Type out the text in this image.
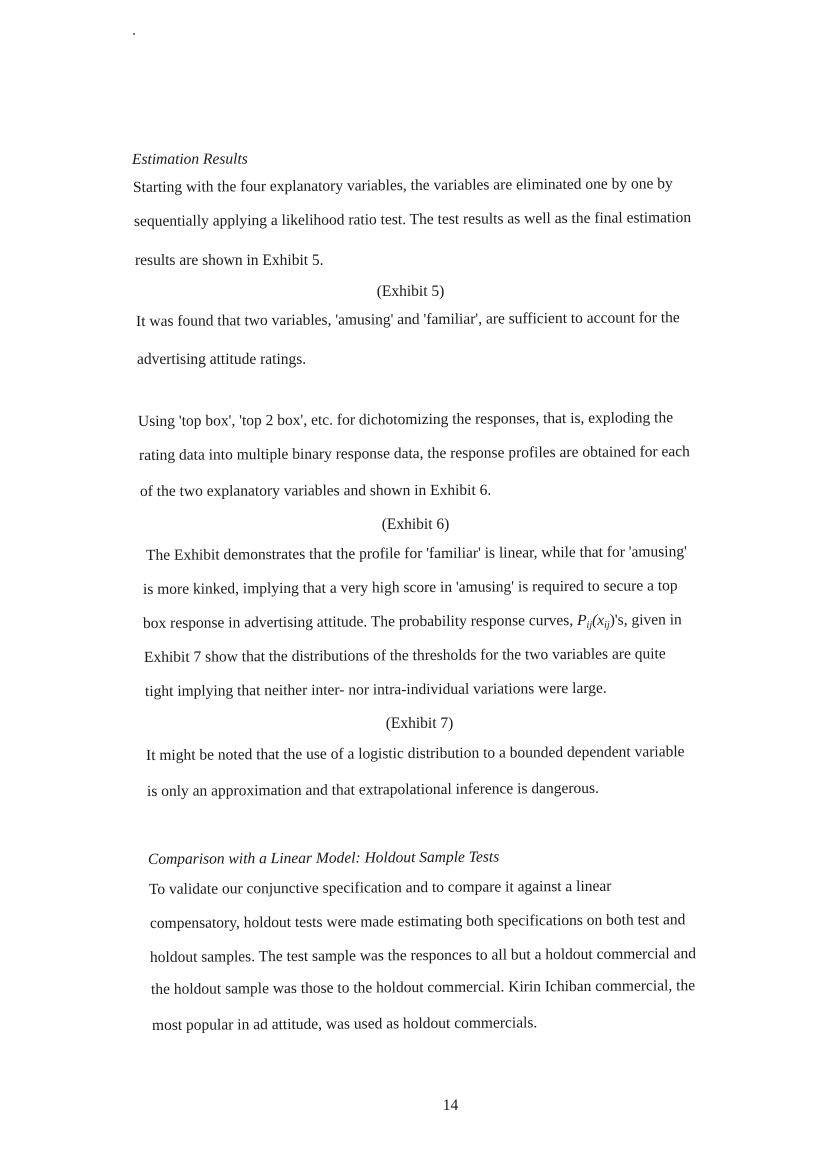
Estimation Results
Starting with the four explanatory variables, the variables are eliminated one by one by
sequentially applying a likelihood ratio test. The test results as well as the final estimation
results are shown in Exhibit 5.
(Exhibit 5)
It was found that two variables, 'amusing' and 'familiar', are sufficient to account for the
advertising attitude ratings.
Using 'top box', 'top 2 box', etc. for dichotomizing the responses, that is, exploding the
rating data into multiple binary response data, the response profiles are obtained for each
of the two explanatory variables and shown in Exhibit 6.
(Exhibit 6)
The Exhibit demonstrates that the profile for 'familiar' is linear, while that for 'amusing'
is more kinked, implying that a very high score in 'amusing' is required to secure a top
box response in advertising attitude. The probability response curves, $P_{ij}(x_{ij})'s$, given in
Exhibit 7 show that the distributions of the thresholds for the two variables are quite
tight implying that neither inter- nor intra-individual variations were large.
(Exhibit 7)
It might be noted that the use of a logistic distribution to a bounded dependent variable
is only an approximation and that extrapolational inference is dangerous.
Comparison with a Linear Model: Holdout Sample Tests
To validate our conjunctive specification and to compare it against a linear
compensatory, holdout tests were made estimating both specifications on both test and
holdout samples. The test sample was the responces to all but a holdout commercial and
the holdout sample was those to the holdout commercial. Kirin Ichiban commercial, the
most popular in ad attitude, was used as holdout commercials.
14
